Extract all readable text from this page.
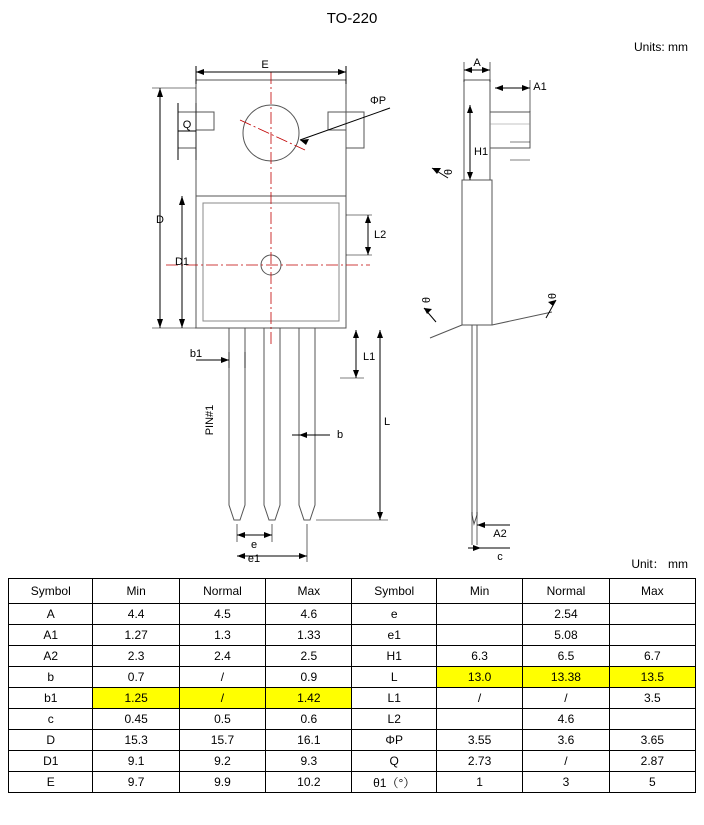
TO-220
Units: mm
Unit： mm
E
Q
ΦP
D
D1
L2
b1	L1
L
PIN#1	b
e
e1
A
A1
H1
θ
θ
θ
A2
c
Symbol	Min	Normal	Max	Symbol	Min	Normal	Max
A	4.4	4.5	4.6	e		2.54	
A1	1.27	1.3	1.33	e1		5.08	
A2	2.3	2.4	2.5	H1	6.3	6.5	6.7
b	0.7	/	0.9	L	13.0	13.38	13.5
b1	1.25	/	1.42	L1	/	/	3.5
c	0.45	0.5	0.6	L2		4.6	
D	15.3	15.7	16.1	ΦP	3.55	3.6	3.65
D1	9.1	9.2	9.3	Q	2.73	/	2.87
E	9.7	9.9	10.2	θ1（°）	1	3	5
